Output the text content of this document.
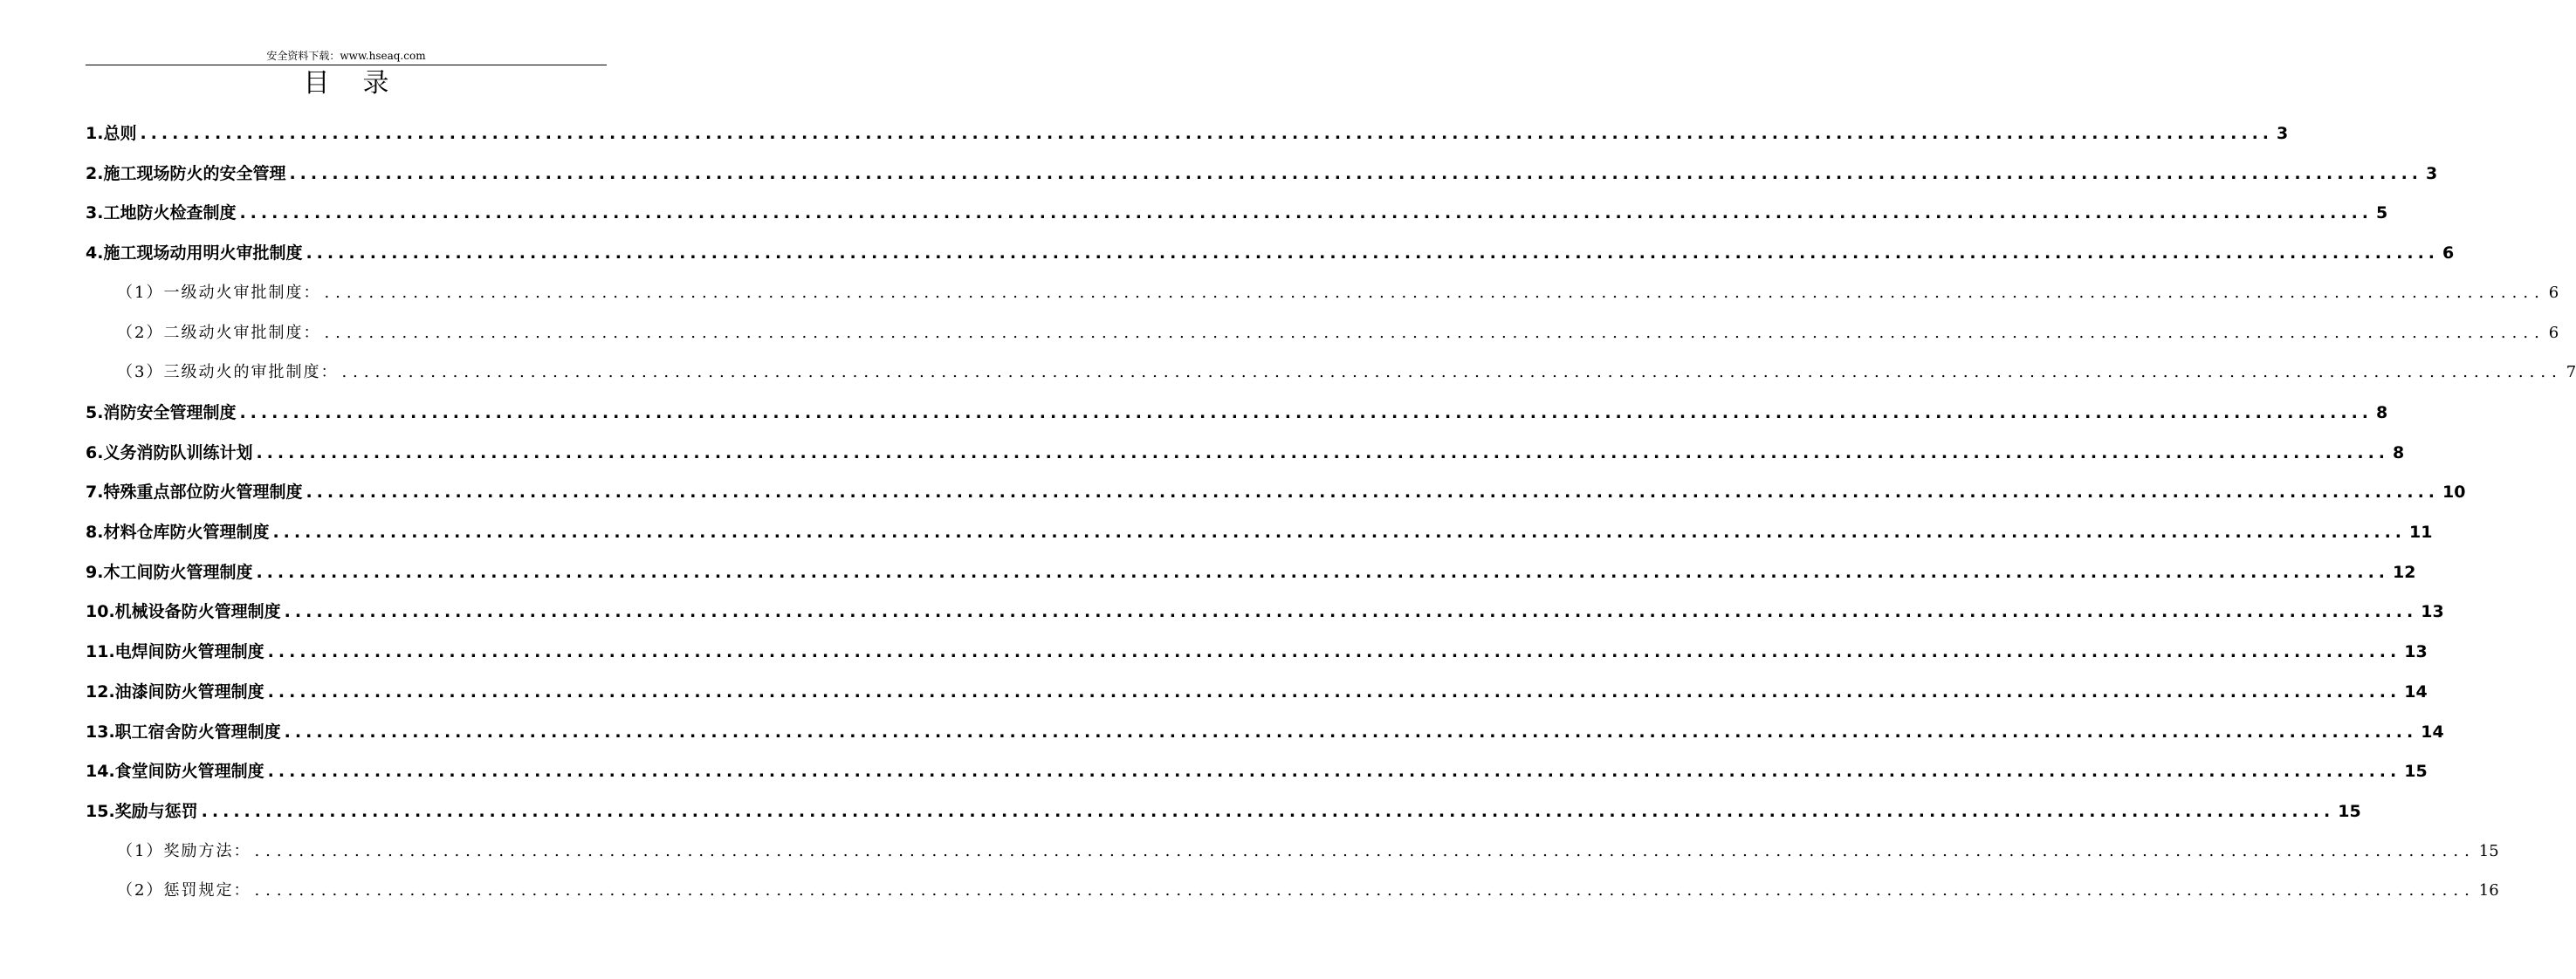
安全资料下载：www.hseaq.com
目录
1.总则 ........................................................................................................................................................................................................ 3
2.施工现场防火的安全管理 ........................................................................................................................................................................................................ 3
3.工地防火检查制度 ........................................................................................................................................................................................................ 5
4.施工现场动用明火审批制度 ........................................................................................................................................................................................................ 6
（1）一级动火审批制度： ........................................................................................................................................................................................................ 6
（2）二级动火审批制度： ........................................................................................................................................................................................................ 6
（3）三级动火的审批制度： ........................................................................................................................................................................................................ 7
5.消防安全管理制度 ........................................................................................................................................................................................................ 8
6.义务消防队训练计划 ........................................................................................................................................................................................................ 8
7.特殊重点部位防火管理制度 ........................................................................................................................................................................................................ 10
8.材料仓库防火管理制度 ........................................................................................................................................................................................................ 11
9.木工间防火管理制度 ........................................................................................................................................................................................................ 12
10.机械设备防火管理制度 ........................................................................................................................................................................................................ 13
11.电焊间防火管理制度 ........................................................................................................................................................................................................ 13
12.油漆间防火管理制度 ........................................................................................................................................................................................................ 14
13.职工宿舍防火管理制度 ........................................................................................................................................................................................................ 14
14.食堂间防火管理制度 ........................................................................................................................................................................................................ 15
15.奖励与惩罚 ........................................................................................................................................................................................................ 15
（1）奖励方法： ........................................................................................................................................................................................................ 15
（2）惩罚规定： ........................................................................................................................................................................................................ 16
